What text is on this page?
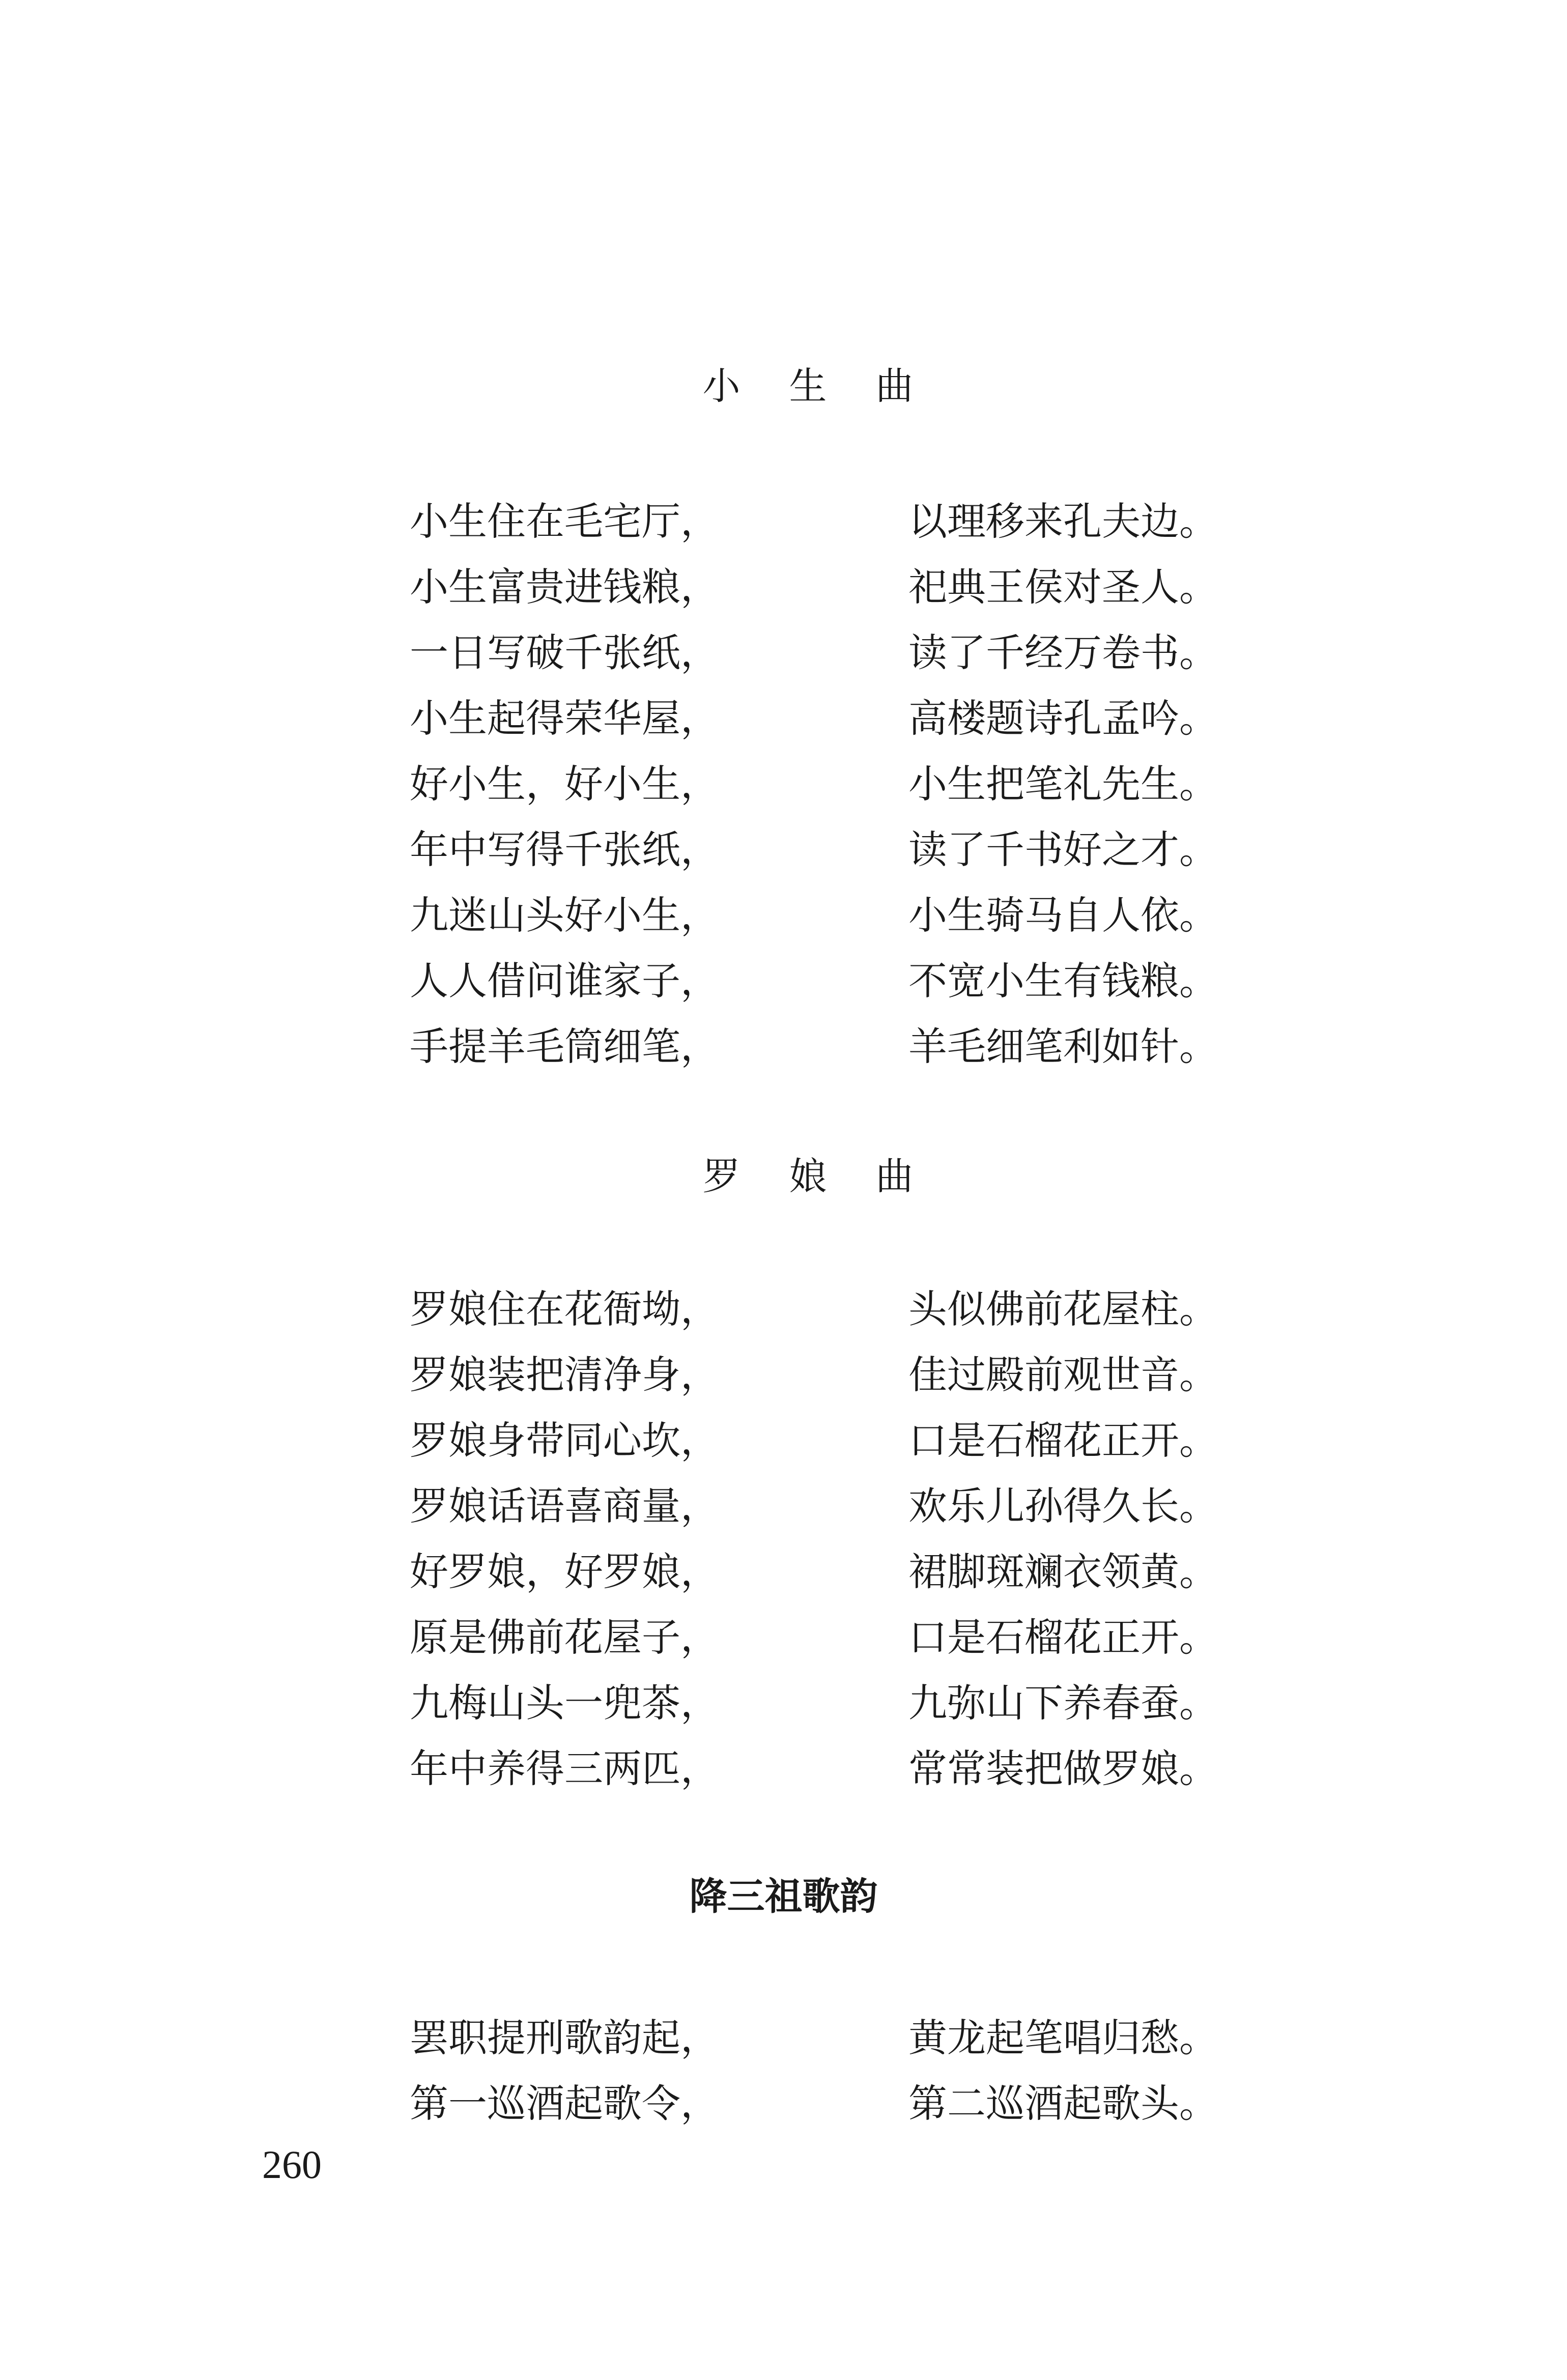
小生曲
小生住在毛宅厅，	以理移来孔夫边。
小生富贵进钱粮，	祀典王侯对圣人。
一日写破千张纸，	读了千经万卷书。
小生起得荣华屋，	高楼题诗孔孟吟。
好小生，好小生，	小生把笔礼先生。
年中写得千张纸，	读了千书好之才。
九迷山头好小生，	小生骑马自人依。
人人借问谁家子，	不宽小生有钱粮。
手提羊毛筒细笔，	羊毛细笔利如针。
罗娘曲
罗娘住在花衙坳，	头似佛前花屋柱。
罗娘装把清净身，	佳过殿前观世音。
罗娘身带同心坎，	口是石榴花正开。
罗娘话语喜商量，	欢乐儿孙得久长。
好罗娘，好罗娘，	裙脚斑斓衣领黄。
原是佛前花屋子，	口是石榴花正开。
九梅山头一兜茶，	九弥山下养春蚕。
年中养得三两匹，	常常装把做罗娘。
降三祖歌韵
罢职提刑歌韵起，	黄龙起笔唱归愁。
第一巡酒起歌令，	第二巡酒起歌头。
260
